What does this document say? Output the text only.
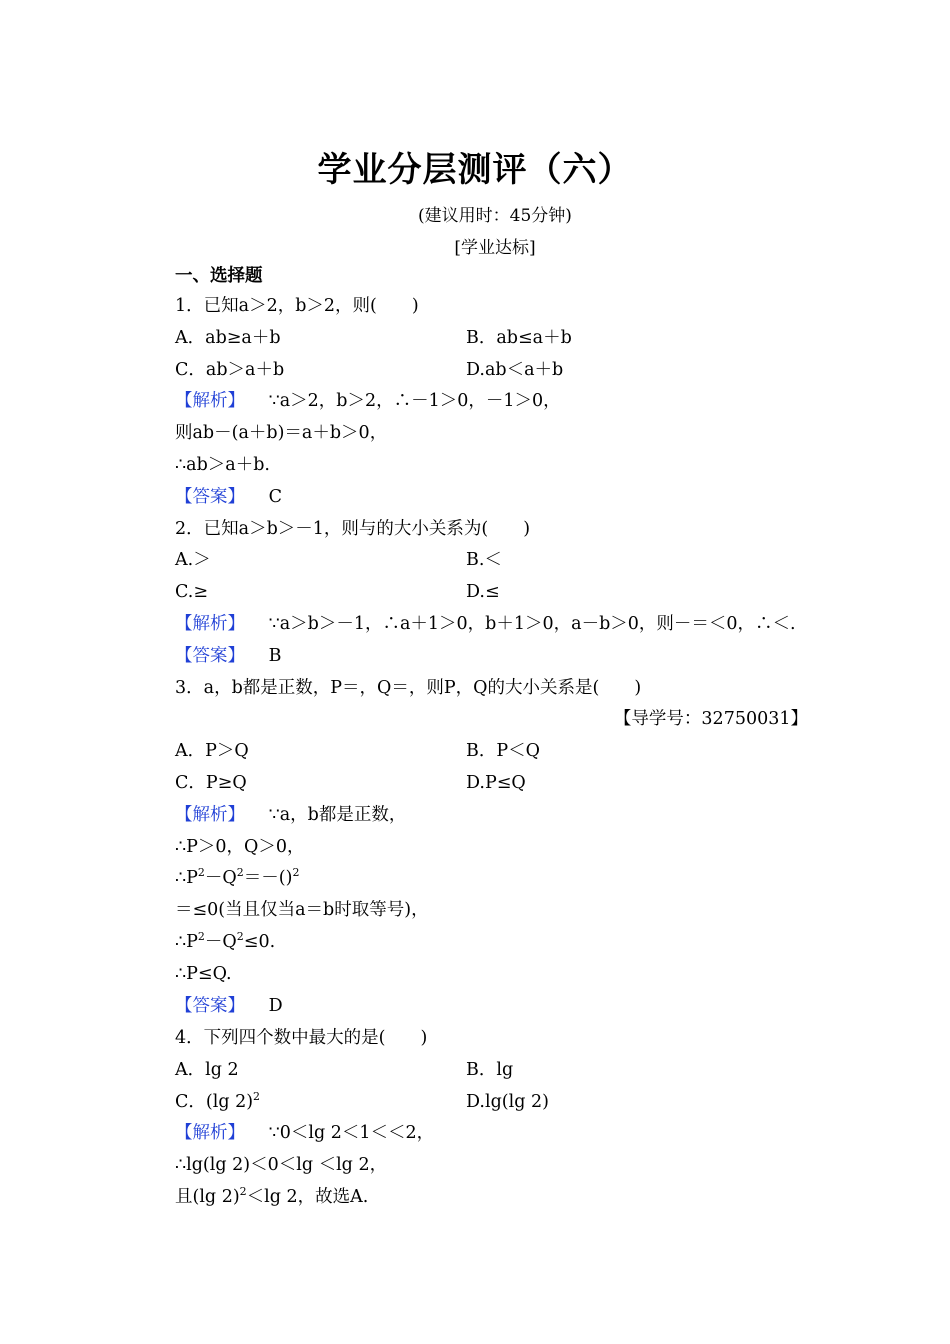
学业分层测评（六）
(建议用时：45分钟)
[学业达标]
一、选择题
1．已知a＞2，b＞2，则(　　)
A．ab≥a＋b	B．ab≤a＋b
C．ab＞a＋b	D.ab＜a＋b
【解析】 ∵a＞2，b＞2，∴－1＞0，－1＞0，
则ab－(a＋b)＝a＋b＞0，
∴ab＞a＋b.
【答案】 C
2．已知a＞b＞－1，则与的大小关系为(　　)
A.＞	B.＜
C.≥	D.≤
【解析】 ∵a＞b＞－1，∴a＋1＞0，b＋1＞0，a－b＞0，则－＝＜0，∴＜.
【答案】 B
3．a，b都是正数，P＝，Q＝，则P，Q的大小关系是(　　)
【导学号：32750031】
A．P＞Q	B．P＜Q
C．P≥Q	D.P≤Q
【解析】 ∵a，b都是正数，
∴P＞0，Q＞0，
$\therefore P^2-Q^2=-()^2$
＝≤0(当且仅当a＝b时取等号)，
$\therefore P^2-Q^2\le 0$.
∴P≤Q.
【答案】 D
4．下列四个数中最大的是(　　)
A．lg 2	B．lg
C．(lg 2)$^2$	D.lg(lg 2)
【解析】 ∵0＜lg 2＜1＜＜2，
∴lg(lg 2)＜0＜lg ＜lg 2，
且(lg 2)$^2$＜lg 2，故选A.
